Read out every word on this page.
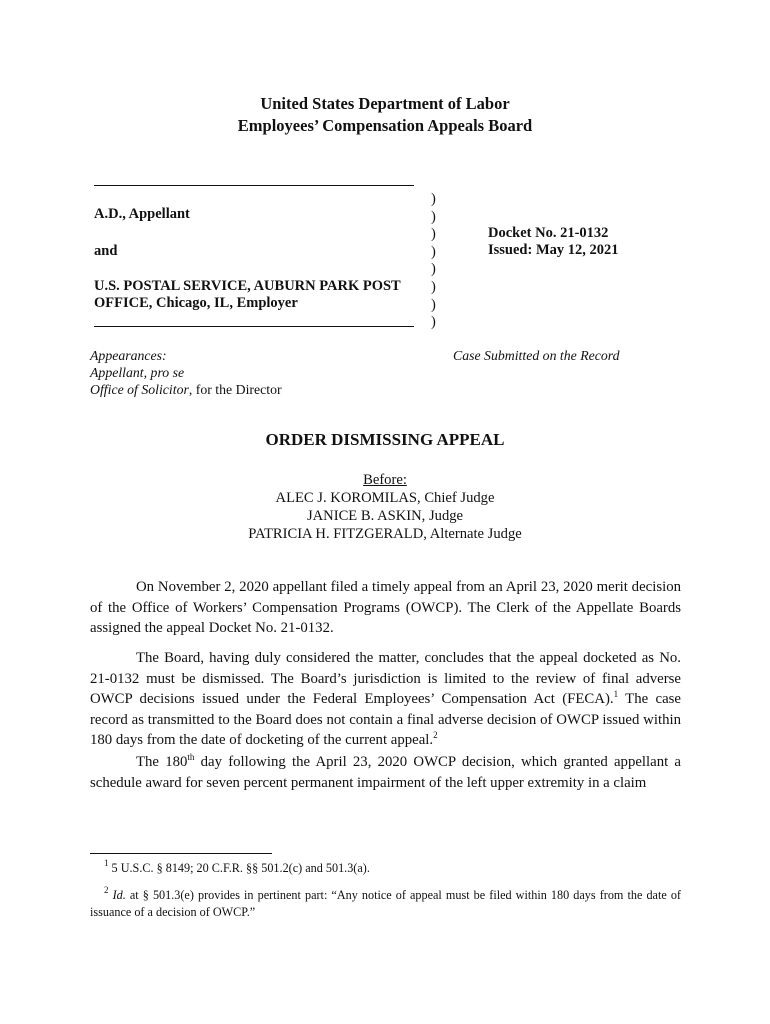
United States Department of Labor
Employees’ Compensation Appeals Board
A.D., Appellant
and
U.S. POSTAL SERVICE, AUBURN PARK POST
OFFICE, Chicago, IL, Employer
)
)
)
)
)
)
)
)
Docket No. 21-0132
Issued: May 12, 2021
Appearances:
Appellant, pro se
Office of Solicitor, for the Director
Case Submitted on the Record
ORDER DISMISSING APPEAL
Before:
ALEC J. KOROMILAS, Chief Judge
JANICE B. ASKIN, Judge
PATRICIA H. FITZGERALD, Alternate Judge

On November 2, 2020 appellant filed a timely appeal from an April 23, 2020 merit decision of the Office of Workers’ Compensation Programs (OWCP). The Clerk of the Appellate Boards assigned the appeal Docket No. 21-0132.

The Board, having duly considered the matter, concludes that the appeal docketed as No. 21-0132 must be dismissed. The Board’s jurisdiction is limited to the review of final adverse OWCP decisions issued under the Federal Employees’ Compensation Act (FECA).$^1$ The case record as transmitted to the Board does not contain a final adverse decision of OWCP issued within 180 days from the date of docketing of the current appeal.$^2$

The 180th day following the April 23, 2020 OWCP decision, which granted appellant a schedule award for seven percent permanent impairment of the left upper extremity in a claim

$^1$ 5 U.S.C. § 8149; 20 C.F.R. §§ 501.2(c) and 501.3(a).
$^2$ Id. at § 501.3(e) provides in pertinent part: “Any notice of appeal must be filed within 180 days from the date of issuance of a decision of OWCP.”
